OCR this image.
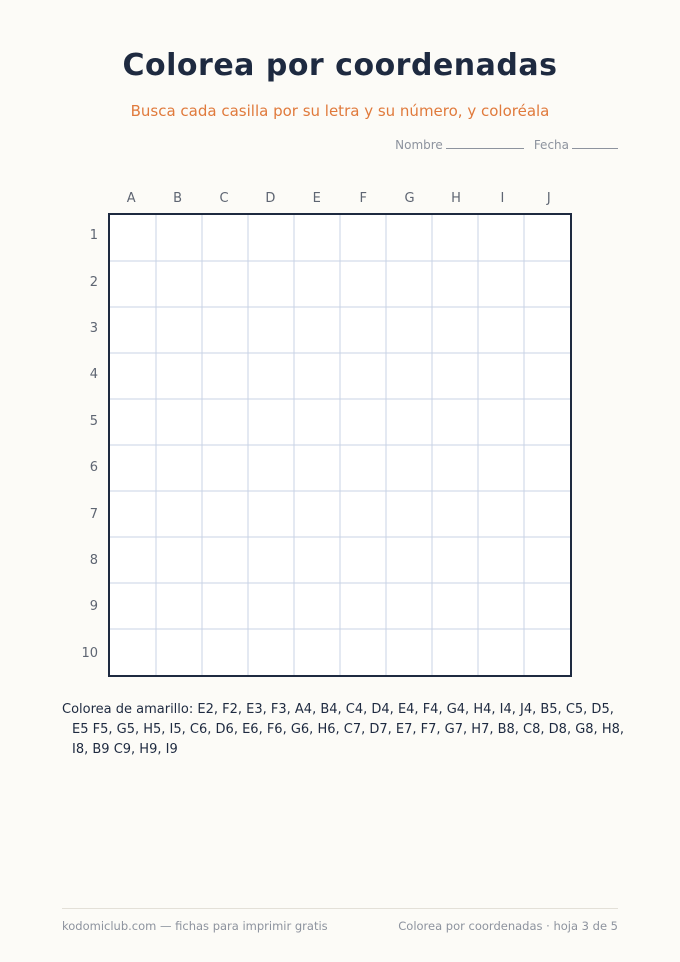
Colorea por coordenadas
Busca cada casilla por su letra y su número, y coloréala
Nombre	Fecha
A	B	C	D	E	F	G	H	I	J
1
2
3
4
5
6
7
8
9
10
Colorea de amarillo: E2, F2, E3, F3, A4, B4, C4, D4, E4, F4, G4, H4, I4, J4, B5, C5, D5, E5 F5, G5, H5, I5, C6, D6, E6, F6, G6, H6, C7, D7, E7, F7, G7, H7, B8, C8, D8, G8, H8, I8, B9 C9, H9, I9
kodomiclub.com — fichas para imprimir gratis	Colorea por coordenadas · hoja 3 de 5
